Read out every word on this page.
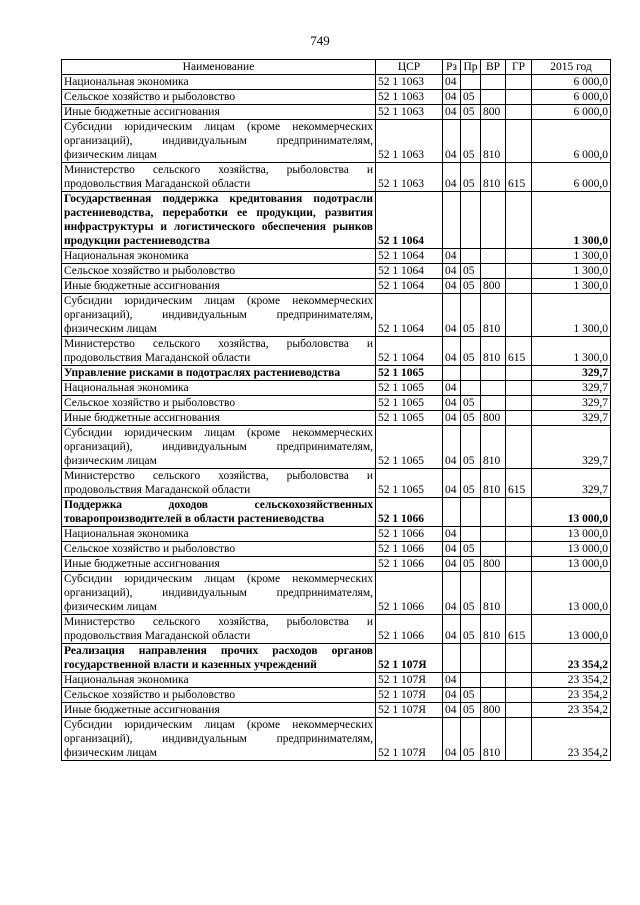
749
Наименование	ЦСР	Рз	Пр	ВР	ГР	2015 год
Национальная экономика	52 1 1063	04				6 000,0
Сельское хозяйство и рыболовство	52 1 1063	04	05			6 000,0
Иные бюджетные ассигнования	52 1 1063	04	05	800		6 000,0
Субсидии юридическим лицам (кроме некоммерческих организаций), индивидуальным предпринимателям, физическим лицам	52 1 1063	04	05	810		6 000,0
Министерство сельского хозяйства, рыболовства и продовольствия Магаданской области	52 1 1063	04	05	810	615	6 000,0
Государственная поддержка кредитования подотрасли растениеводства, переработки ее продукции, развития инфраструктуры и логистического обеспечения рынков продукции растениеводства	52 1 1064					1 300,0
Национальная экономика	52 1 1064	04				1 300,0
Сельское хозяйство и рыболовство	52 1 1064	04	05			1 300,0
Иные бюджетные ассигнования	52 1 1064	04	05	800		1 300,0
Субсидии юридическим лицам (кроме некоммерческих организаций), индивидуальным предпринимателям, физическим лицам	52 1 1064	04	05	810		1 300,0
Министерство сельского хозяйства, рыболовства и продовольствия Магаданской области	52 1 1064	04	05	810	615	1 300,0
Управление рисками в подотраслях растениеводства	52 1 1065					329,7
Национальная экономика	52 1 1065	04				329,7
Сельское хозяйство и рыболовство	52 1 1065	04	05			329,7
Иные бюджетные ассигнования	52 1 1065	04	05	800		329,7
Субсидии юридическим лицам (кроме некоммерческих организаций), индивидуальным предпринимателям, физическим лицам	52 1 1065	04	05	810		329,7
Министерство сельского хозяйства, рыболовства и продовольствия Магаданской области	52 1 1065	04	05	810	615	329,7
Поддержка доходов сельскохозяйственных товаропроизводителей в области растениеводства	52 1 1066					13 000,0
Национальная экономика	52 1 1066	04				13 000,0
Сельское хозяйство и рыболовство	52 1 1066	04	05			13 000,0
Иные бюджетные ассигнования	52 1 1066	04	05	800		13 000,0
Субсидии юридическим лицам (кроме некоммерческих организаций), индивидуальным предпринимателям, физическим лицам	52 1 1066	04	05	810		13 000,0
Министерство сельского хозяйства, рыболовства и продовольствия Магаданской области	52 1 1066	04	05	810	615	13 000,0
Реализация направления прочих расходов органов государственной власти и казенных учреждений	52 1 107Я					23 354,2
Национальная экономика	52 1 107Я	04				23 354,2
Сельское хозяйство и рыболовство	52 1 107Я	04	05			23 354,2
Иные бюджетные ассигнования	52 1 107Я	04	05	800		23 354,2
Субсидии юридическим лицам (кроме некоммерческих организаций), индивидуальным предпринимателям, физическим лицам	52 1 107Я	04	05	810		23 354,2
